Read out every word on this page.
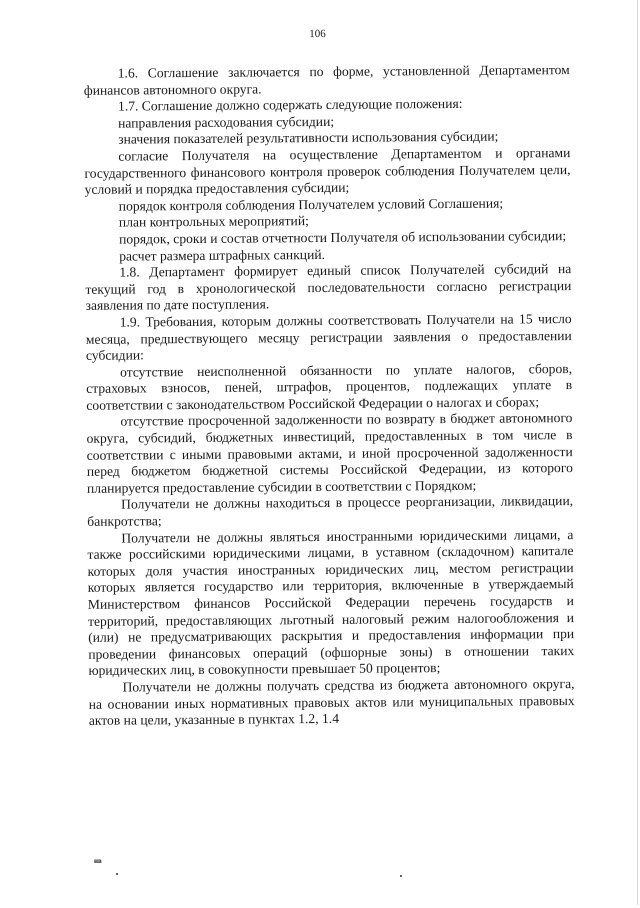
106

1.6. Соглашение заключается по форме, установленной Департаментом финансов автономного округа.

1.7. Соглашение должно содержать следующие положения:

направления расходования субсидии;

значения показателей результативности использования субсидии;

согласие Получателя на осуществление Департаментом и органами государственного финансового контроля проверок соблюдения Получателем цели, условий и порядка предоставления субсидии;

порядок контроля соблюдения Получателем условий Соглашения;

план контрольных мероприятий;

порядок, сроки и состав отчетности Получателя об использовании субсидии;

расчет размера штрафных санкций.

1.8. Департамент формирует единый список Получателей субсидий на текущий год в хронологической последовательности согласно регистрации заявления по дате поступления.

1.9. Требования, которым должны соответствовать Получатели на 15 число месяца, предшествующего месяцу регистрации заявления о предоставлении субсидии:

отсутствие неисполненной обязанности по уплате налогов, сборов, страховых взносов, пеней, штрафов, процентов, подлежащих уплате в соответствии с законодательством Российской Федерации о налогах и сборах;

отсутствие просроченной задолженности по возврату в бюджет автономного округа, субсидий, бюджетных инвестиций, предоставленных в том числе в соответствии с иными правовыми актами, и иной просроченной задолженности перед бюджетом бюджетной системы Российской Федерации, из которого планируется предоставление субсидии в соответствии с Порядком;

Получатели не должны находиться в процессе реорганизации, ликвидации, банкротства;

Получатели не должны являться иностранными юридическими лицами, а также российскими юридическими лицами, в уставном (складочном) капитале которых доля участия иностранных юридических лиц, местом регистрации которых является государство или территория, включенные в утверждаемый Министерством финансов Российской Федерации перечень государств и территорий, предоставляющих льготный налоговый режим налогообложения и (или) не предусматривающих раскрытия и предоставления информации при проведении финансовых операций (офшорные зоны) в отношении таких юридических лиц, в совокупности превышает 50 процентов;

Получатели не должны получать средства из бюджета автономного округа, на основании иных нормативных правовых актов или муниципальных правовых актов на цели, указанные в пунктах 1.2, 1.4

нв
